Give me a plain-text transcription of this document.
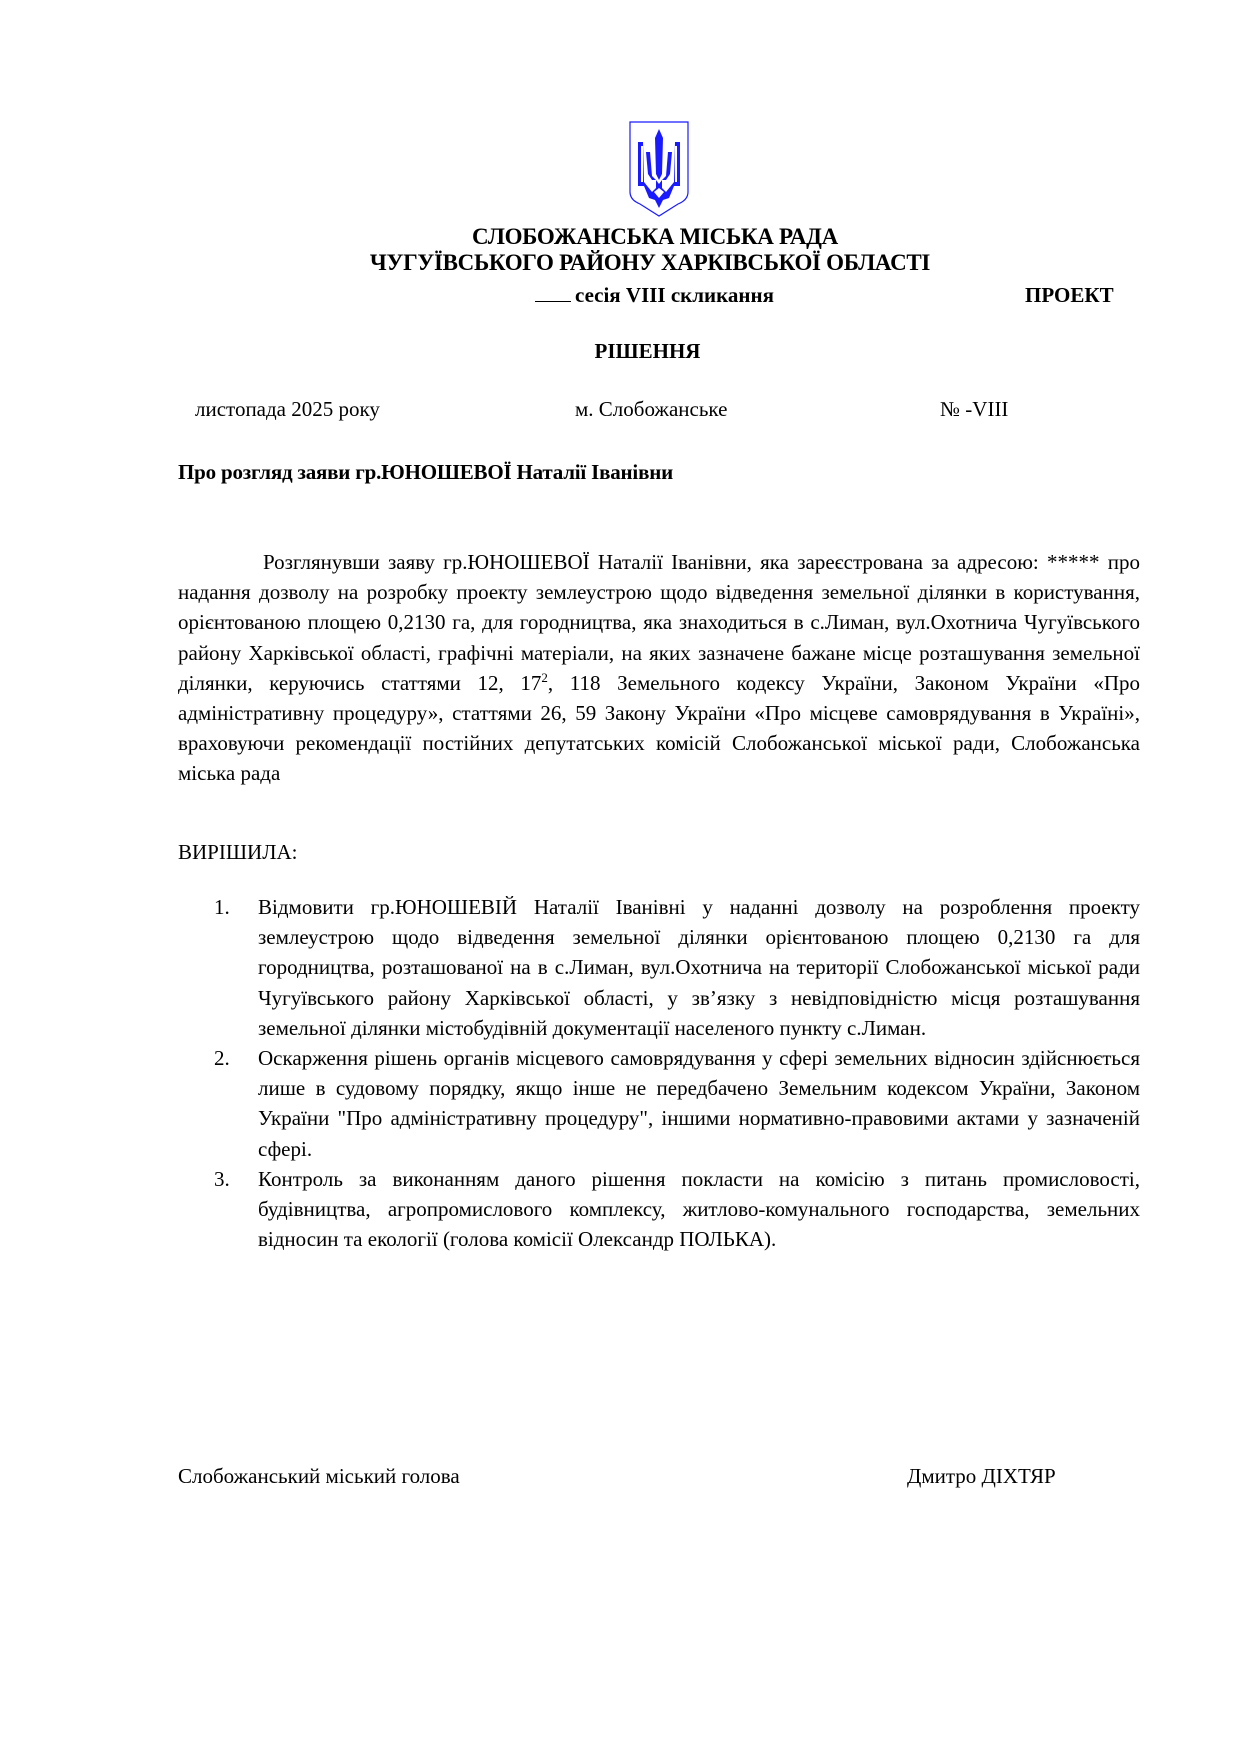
СЛОБОЖАНСЬКА МІСЬКА РАДА
ЧУГУЇВСЬКОГО РАЙОНУ ХАРКІВСЬКОЇ ОБЛАСТІ
сесія VIII скликання	ПРОЕКТ
РІШЕННЯ
листопада 2025 року	м. Слобожанське	№ -VIII
Про розгляд заяви гр.ЮНОШЕВОЇ Наталії Іванівни
Розглянувши заяву гр.ЮНОШЕВОЇ Наталії Іванівни, яка зареєстрована за адресою: ***** про надання дозволу на розробку проекту землеустрою щодо відведення земельної ділянки в користування, орієнтованою площею 0,2130 га, для городництва, яка знаходиться в с.Лиман, вул.Охотнича Чугуївського району Харківської області, графічні матеріали, на яких зазначене бажане місце розташування земельної ділянки, керуючись статтями 12, $17^2$, 118 Земельного кодексу України, Законом України «Про адміністративну процедуру», статтями 26, 59 Закону України «Про місцеве самоврядування в Україні», враховуючи рекомендації постійних депутатських комісій Слобожанської міської ради, Слобожанська міська рада
ВИРІШИЛА:
1. Відмовити гр.ЮНОШЕВІЙ Наталії Іванівні у наданні дозволу на розроблення проекту землеустрою щодо відведення земельної ділянки орієнтованою площею 0,2130 га для городництва, розташованої на в с.Лиман, вул.Охотнича на території Слобожанської міської ради Чугуївського району Харківської області, у зв’язку з невідповідністю місця розташування земельної ділянки містобудівній документації населеного пункту с.Лиман.
2. Оскарження рішень органів місцевого самоврядування у сфері земельних відносин здійснюється лише в судовому порядку, якщо інше не передбачено Земельним кодексом України, Законом України "Про адміністративну процедуру", іншими нормативно-правовими актами у зазначеній сфері.
3. Контроль за виконанням даного рішення покласти на комісію з питань промисловості, будівництва, агропромислового комплексу, житлово-комунального господарства, земельних відносин та екології (голова комісії Олександр ПОЛЬКА).
Слобожанський міський голова	Дмитро ДІХТЯР
